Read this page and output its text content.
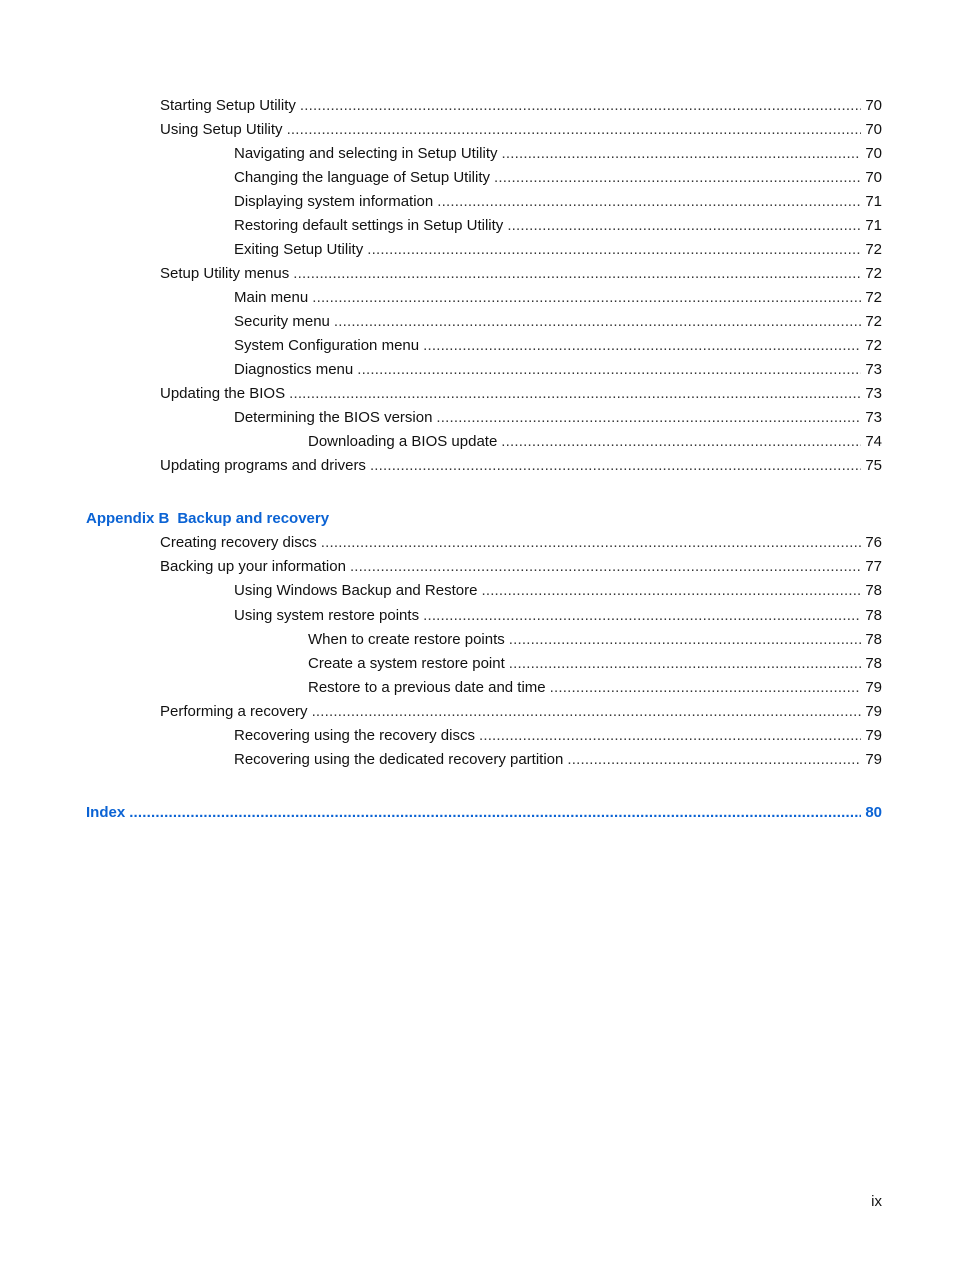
Starting Setup Utility .....	70
Using Setup Utility .....	70
Navigating and selecting in Setup Utility .....	70
Changing the language of Setup Utility .....	70
Displaying system information .....	71
Restoring default settings in Setup Utility .....	71
Exiting Setup Utility .....	72
Setup Utility menus .....	72
Main menu .....	72
Security menu .....	72
System Configuration menu .....	72
Diagnostics menu .....	73
Updating the BIOS .....	73
Determining the BIOS version .....	73
Downloading a BIOS update .....	74
Updating programs and drivers .....	75
Appendix B Backup and recovery
Creating recovery discs .....	76
Backing up your information .....	77
Using Windows Backup and Restore .....	78
Using system restore points .....	78
When to create restore points .....	78
Create a system restore point .....	78
Restore to a previous date and time .....	79
Performing a recovery .....	79
Recovering using the recovery discs .....	79
Recovering using the dedicated recovery partition .....	79
Index .....	80
ix
